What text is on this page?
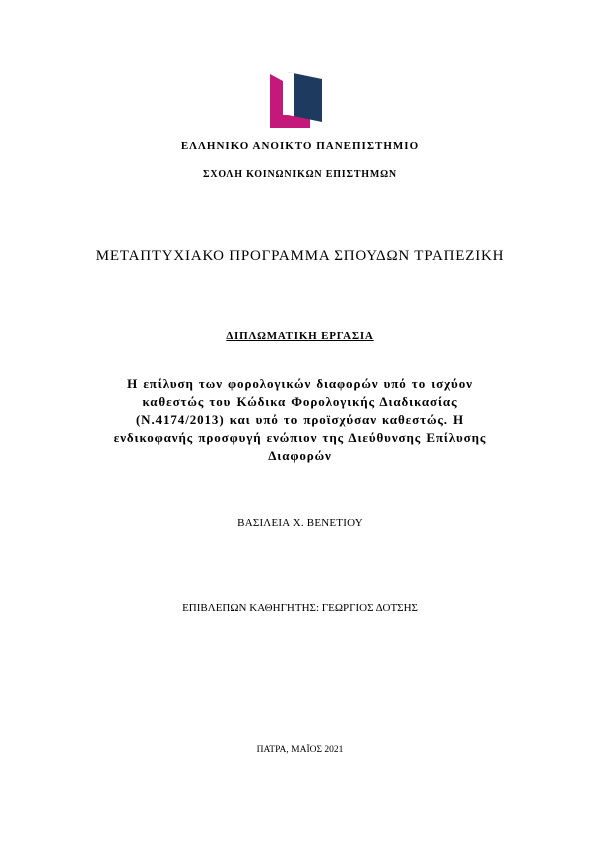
ΕΛΛΗΝΙΚΟ ΑΝΟΙΚΤΟ ΠΑΝΕΠΙΣΤΗΜΙΟ
ΣΧΟΛΗ ΚΟΙΝΩΝΙΚΩΝ ΕΠΙΣΤΗΜΩΝ
ΜΕΤΑΠΤΥΧΙΑΚΟ ΠΡΟΓΡΑΜΜΑ ΣΠΟΥΔΩΝ ΤΡΑΠΕΖΙΚΗ
ΔΙΠΛΩΜΑΤΙΚΗ ΕΡΓΑΣΙΑ
Η επίλυση των φορολογικών διαφορών υπό το ισχύον
καθεστώς του Κώδικα Φορολογικής Διαδικασίας
(Ν.4174/2013) και υπό το προϊσχύσαν καθεστώς. Η
ενδικοφανής προσφυγή ενώπιον της Διεύθυνσης Επίλυσης
Διαφορών
ΒΑΣΙΛΕΙΑ Χ. ΒΕΝΕΤΙΟΥ
ΕΠΙΒΛΕΠΩΝ ΚΑΘΗΓΗΤΗΣ: ΓΕΩΡΓΙΟΣ ΔΟΤΣΗΣ
ΠΑΤΡΑ, ΜΑΪΟΣ 2021
